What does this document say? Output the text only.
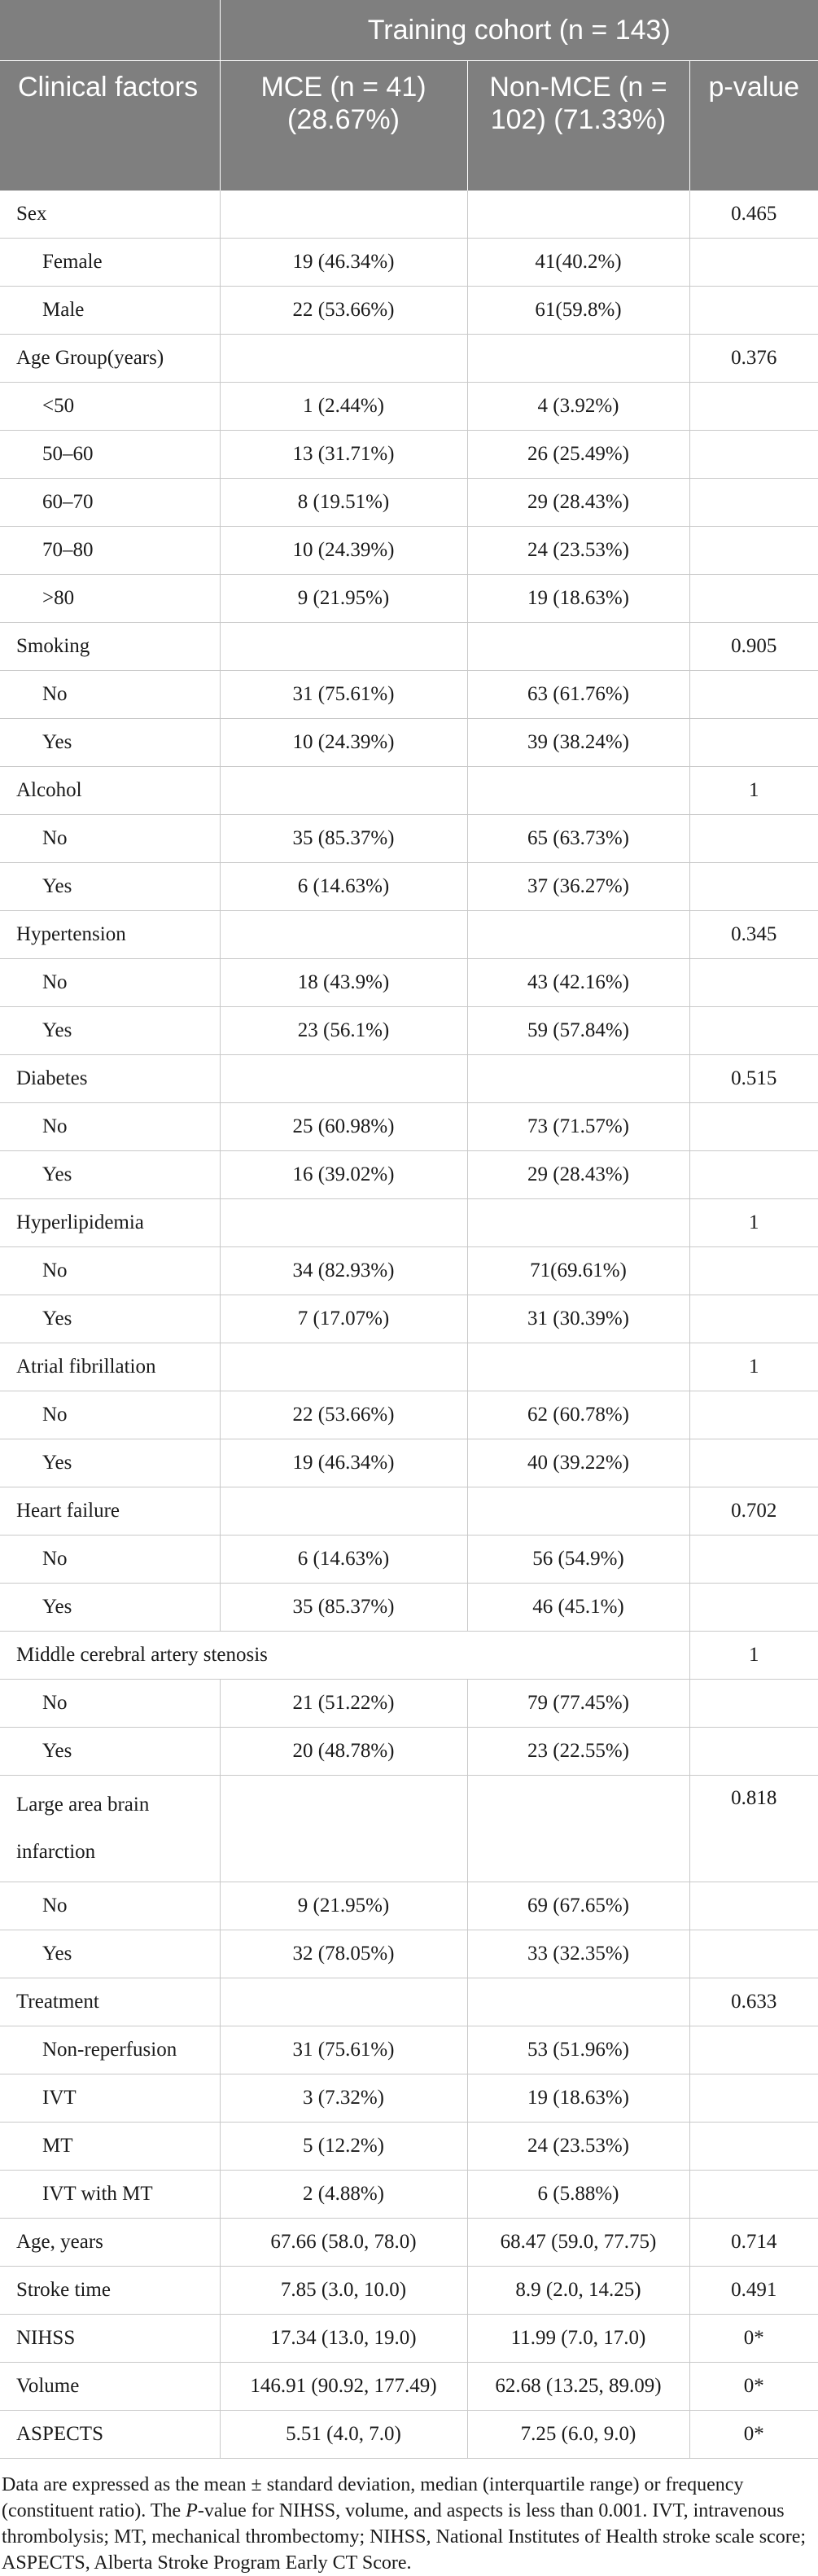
	Training cohort (n = 143)		
Clinical factors	MCE (n = 41) (28.67%)	Non-MCE (n = 102) (71.33%)	p-value
Sex			0.465
Female	19 (46.34%)	41(40.2%)	
Male	22 (53.66%)	61(59.8%)	
Age Group(years)			0.376
<50	1 (2.44%)	4 (3.92%)	
50–60	13 (31.71%)	26 (25.49%)	
60–70	8 (19.51%)	29 (28.43%)	
70–80	10 (24.39%)	24 (23.53%)	
>80	9 (21.95%)	19 (18.63%)	
Smoking			0.905
No	31 (75.61%)	63 (61.76%)	
Yes	10 (24.39%)	39 (38.24%)	
Alcohol			1
No	35 (85.37%)	65 (63.73%)	
Yes	6 (14.63%)	37 (36.27%)	
Hypertension			0.345
No	18 (43.9%)	43 (42.16%)	
Yes	23 (56.1%)	59 (57.84%)	
Diabetes			0.515
No	25 (60.98%)	73 (71.57%)	
Yes	16 (39.02%)	29 (28.43%)	
Hyperlipidemia			1
No	34 (82.93%)	71(69.61%)	
Yes	7 (17.07%)	31 (30.39%)	
Atrial fibrillation			1
No	22 (53.66%)	62 (60.78%)	
Yes	19 (46.34%)	40 (39.22%)	
Heart failure			0.702
No	6 (14.63%)	56 (54.9%)	
Yes	35 (85.37%)	46 (45.1%)	
Middle cerebral artery stenosis			1
No	21 (51.22%)	79 (77.45%)	
Yes	20 (48.78%)	23 (22.55%)	
Large area brain infarction			0.818
No	9 (21.95%)	69 (67.65%)	
Yes	32 (78.05%)	33 (32.35%)	
Treatment			0.633
Non-reperfusion	31 (75.61%)	53 (51.96%)	
IVT	3 (7.32%)	19 (18.63%)	
MT	5 (12.2%)	24 (23.53%)	
IVT with MT	2 (4.88%)	6 (5.88%)	
Age, years	67.66 (58.0, 78.0)	68.47 (59.0, 77.75)	0.714
Stroke time	7.85 (3.0, 10.0)	8.9 (2.0, 14.25)	0.491
NIHSS	17.34 (13.0, 19.0)	11.99 (7.0, 17.0)	0*
Volume	146.91 (90.92, 177.49)	62.68 (13.25, 89.09)	0*
ASPECTS	5.51 (4.0, 7.0)	7.25 (6.0, 9.0)	0*
Data are expressed as the mean ± standard deviation, median (interquartile range) or frequency (constituent ratio). The P-value for NIHSS, volume, and aspects is less than 0.001. IVT, intravenous thrombolysis; MT, mechanical thrombectomy; NIHSS, National Institutes of Health stroke scale score; ASPECTS, Alberta Stroke Program Early CT Score.
